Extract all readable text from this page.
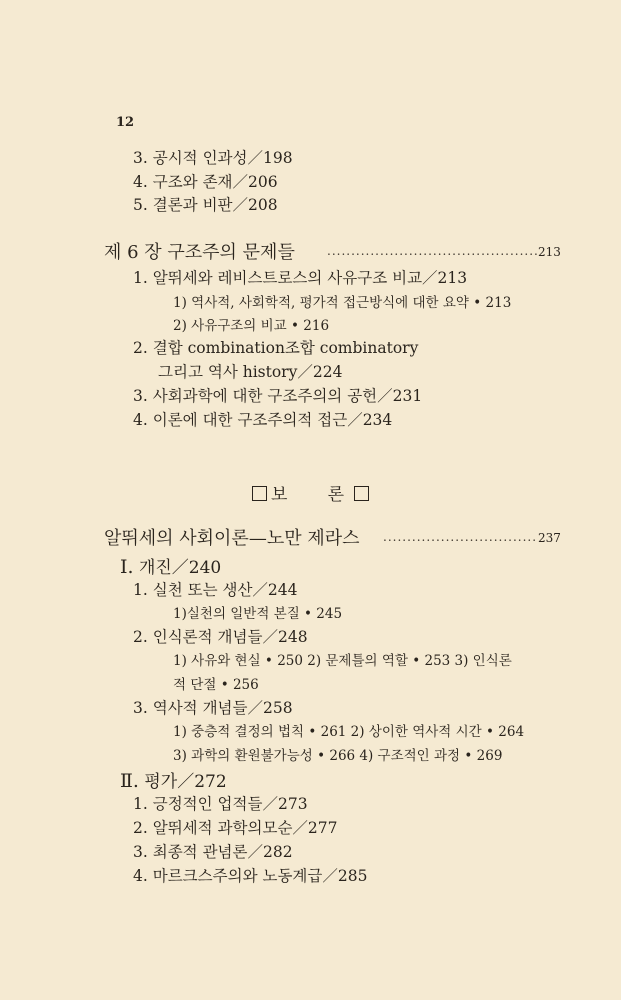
12
3. 공시적 인과성／198
4. 구조와 존재／206
5. 결론과 비판／208
제 6 장 구조주의 문제들 .....	213
1. 알뛰세와 레비스트로스의 사유구조 비교／213
1) 역사적, 사회학적, 평가적 접근방식에 대한 요약 • 213
2) 사유구조의 비교 • 216
2. 결합 combination조합 combinatory
그리고 역사 history／224
3. 사회과학에 대한 구조주의의 공헌／231
4. 이론에 대한 구조주의적 접근／234
보 론
알뛰세의 사회이론—노만 제라스 .....	237
Ⅰ. 개진／240
1. 실천 또는 생산／244
1)실천의 일반적 본질 • 245
2. 인식론적 개념들／248
1) 사유와 현실 • 250 2) 문제틀의 역할 • 253 3) 인식론
적 단절 • 256
3. 역사적 개념들／258
1) 중층적 결정의 법칙 • 261 2) 상이한 역사적 시간 • 264
3) 과학의 환원불가능성 • 266 4) 구조적인 과정 • 269
Ⅱ. 평가／272
1. 긍정적인 업적들／273
2. 알뛰세적 과학의모순／277
3. 최종적 관념론／282
4. 마르크스주의와 노동계급／285
